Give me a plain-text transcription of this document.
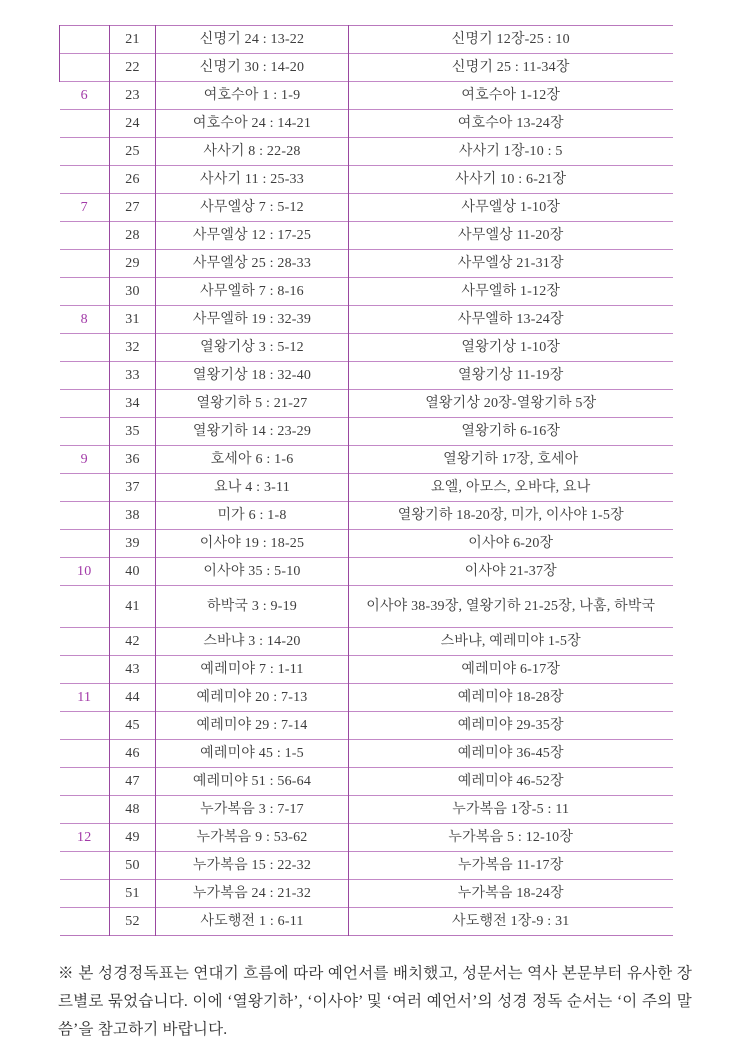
	21	신명기 24 : 13-22	신명기 12장-25 : 10
	22	신명기 30 : 14-20	신명기 25 : 11-34장
6	23	여호수아 1 : 1-9	여호수아 1-12장
	24	여호수아 24 : 14-21	여호수아 13-24장
	25	사사기 8 : 22-28	사사기 1장-10 : 5
	26	사사기 11 : 25-33	사사기 10 : 6-21장
7	27	사무엘상 7 : 5-12	사무엘상 1-10장
	28	사무엘상 12 : 17-25	사무엘상 11-20장
	29	사무엘상 25 : 28-33	사무엘상 21-31장
	30	사무엘하 7 : 8-16	사무엘하 1-12장
8	31	사무엘하 19 : 32-39	사무엘하 13-24장
	32	열왕기상 3 : 5-12	열왕기상 1-10장
	33	열왕기상 18 : 32-40	열왕기상 11-19장
	34	열왕기하 5 : 21-27	열왕기상 20장-열왕기하 5장
	35	열왕기하 14 : 23-29	열왕기하 6-16장
9	36	호세아 6 : 1-6	열왕기하 17장, 호세아
	37	요나 4 : 3-11	요엘, 아모스, 오바댜, 요나
	38	미가 6 : 1-8	열왕기하 18-20장, 미가, 이사야 1-5장
	39	이사야 19 : 18-25	이사야 6-20장
10	40	이사야 35 : 5-10	이사야 21-37장
	41	하박국 3 : 9-19	이사야 38-39장, 열왕기하 21-25장, 나훔, 하박국
	42	스바냐 3 : 14-20	스바냐, 예레미야 1-5장
	43	예레미야 7 : 1-11	예레미야 6-17장
11	44	예레미야 20 : 7-13	예레미야 18-28장
	45	예레미야 29 : 7-14	예레미야 29-35장
	46	예레미야 45 : 1-5	예레미야 36-45장
	47	예레미야 51 : 56-64	예레미야 46-52장
	48	누가복음 3 : 7-17	누가복음 1장-5 : 11
12	49	누가복음 9 : 53-62	누가복음 5 : 12-10장
	50	누가복음 15 : 22-32	누가복음 11-17장
	51	누가복음 24 : 21-32	누가복음 18-24장
	52	사도행전 1 : 6-11	사도행전 1장-9 : 31

※ 본 성경정독표는 연대기 흐름에 따라 예언서를 배치했고, 성문서는 역사 본문부터 유사한 장르별로 묶었습니다. 이에 ‘열왕기하’, ‘이사야’ 및 ‘여러 예언서’의 성경 정독 순서는 ‘이 주의 말씀’을 참고하기 바랍니다.
